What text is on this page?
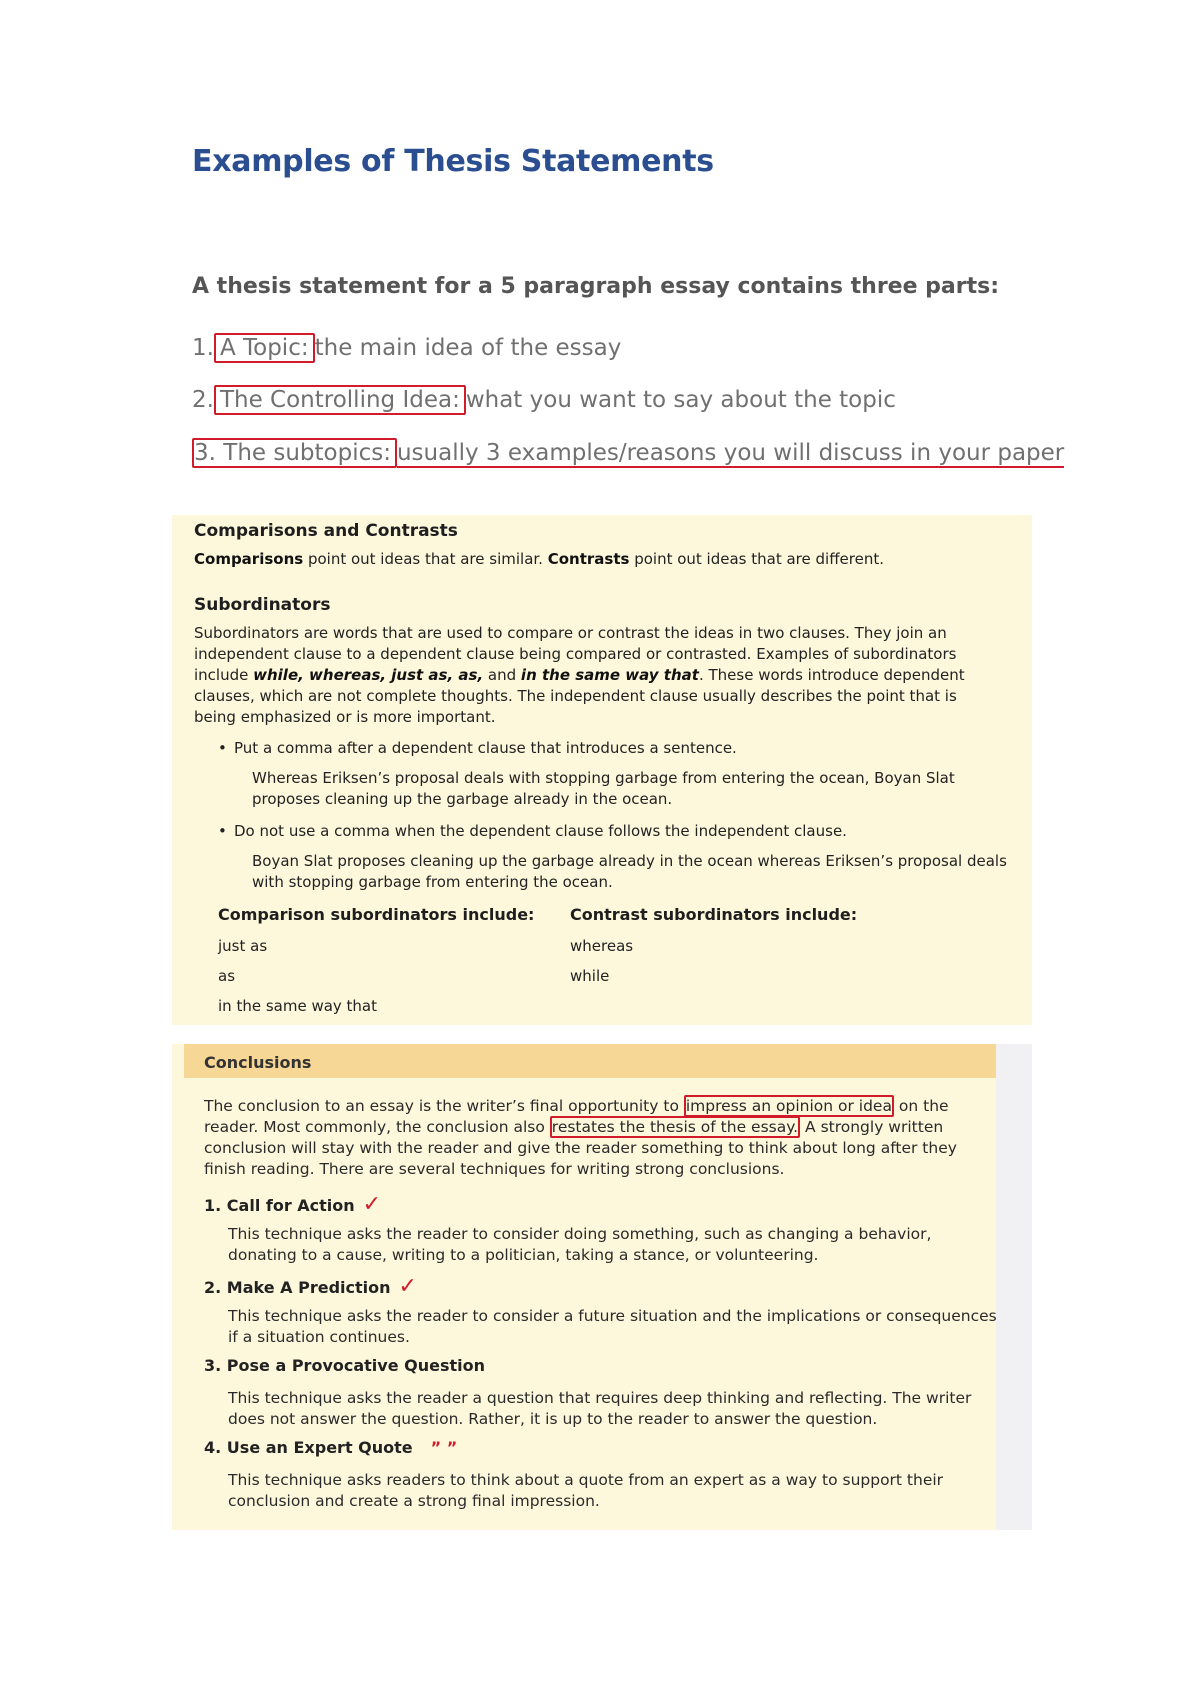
Examples of Thesis Statements

A thesis statement for a 5 paragraph essay contains three parts:

1. A Topic: the main idea of the essay

2. The Controlling Idea: what you want to say about the topic

3. The subtopics: usually 3 examples/reasons you will discuss in your paper

Comparisons and Contrasts

Comparisons point out ideas that are similar. Contrasts point out ideas that are different.

Subordinators

Subordinators are words that are used to compare or contrast the ideas in two clauses. They join an independent clause to a dependent clause being compared or contrasted. Examples of subordinators include while, whereas, just as, as, and in the same way that. These words introduce dependent clauses, which are not complete thoughts. The independent clause usually describes the point that is being emphasized or is more important.

• Put a comma after a dependent clause that introduces a sentence.

Whereas Eriksen’s proposal deals with stopping garbage from entering the ocean, Boyan Slat proposes cleaning up the garbage already in the ocean.

• Do not use a comma when the dependent clause follows the independent clause.

Boyan Slat proposes cleaning up the garbage already in the ocean whereas Eriksen’s proposal deals with stopping garbage from entering the ocean.

Comparison subordinators include:

just as

as

in the same way that

Contrast subordinators include:

whereas

while

Conclusions

The conclusion to an essay is the writer’s final opportunity to impress an opinion or idea on the reader. Most commonly, the conclusion also restates the thesis of the essay. A strongly written conclusion will stay with the reader and give the reader something to think about long after they finish reading. There are several techniques for writing strong conclusions.

1. Call for Action ✓

This technique asks the reader to consider doing something, such as changing a behavior, donating to a cause, writing to a politician, taking a stance, or volunteering.

2. Make A Prediction ✓

This technique asks the reader to consider a future situation and the implications or consequences if a situation continues.

3. Pose a Provocative Question

This technique asks the reader a question that requires deep thinking and reflecting. The writer does not answer the question. Rather, it is up to the reader to answer the question.

4. Use an Expert Quote ” ”

This technique asks readers to think about a quote from an expert as a way to support their conclusion and create a strong final impression.
